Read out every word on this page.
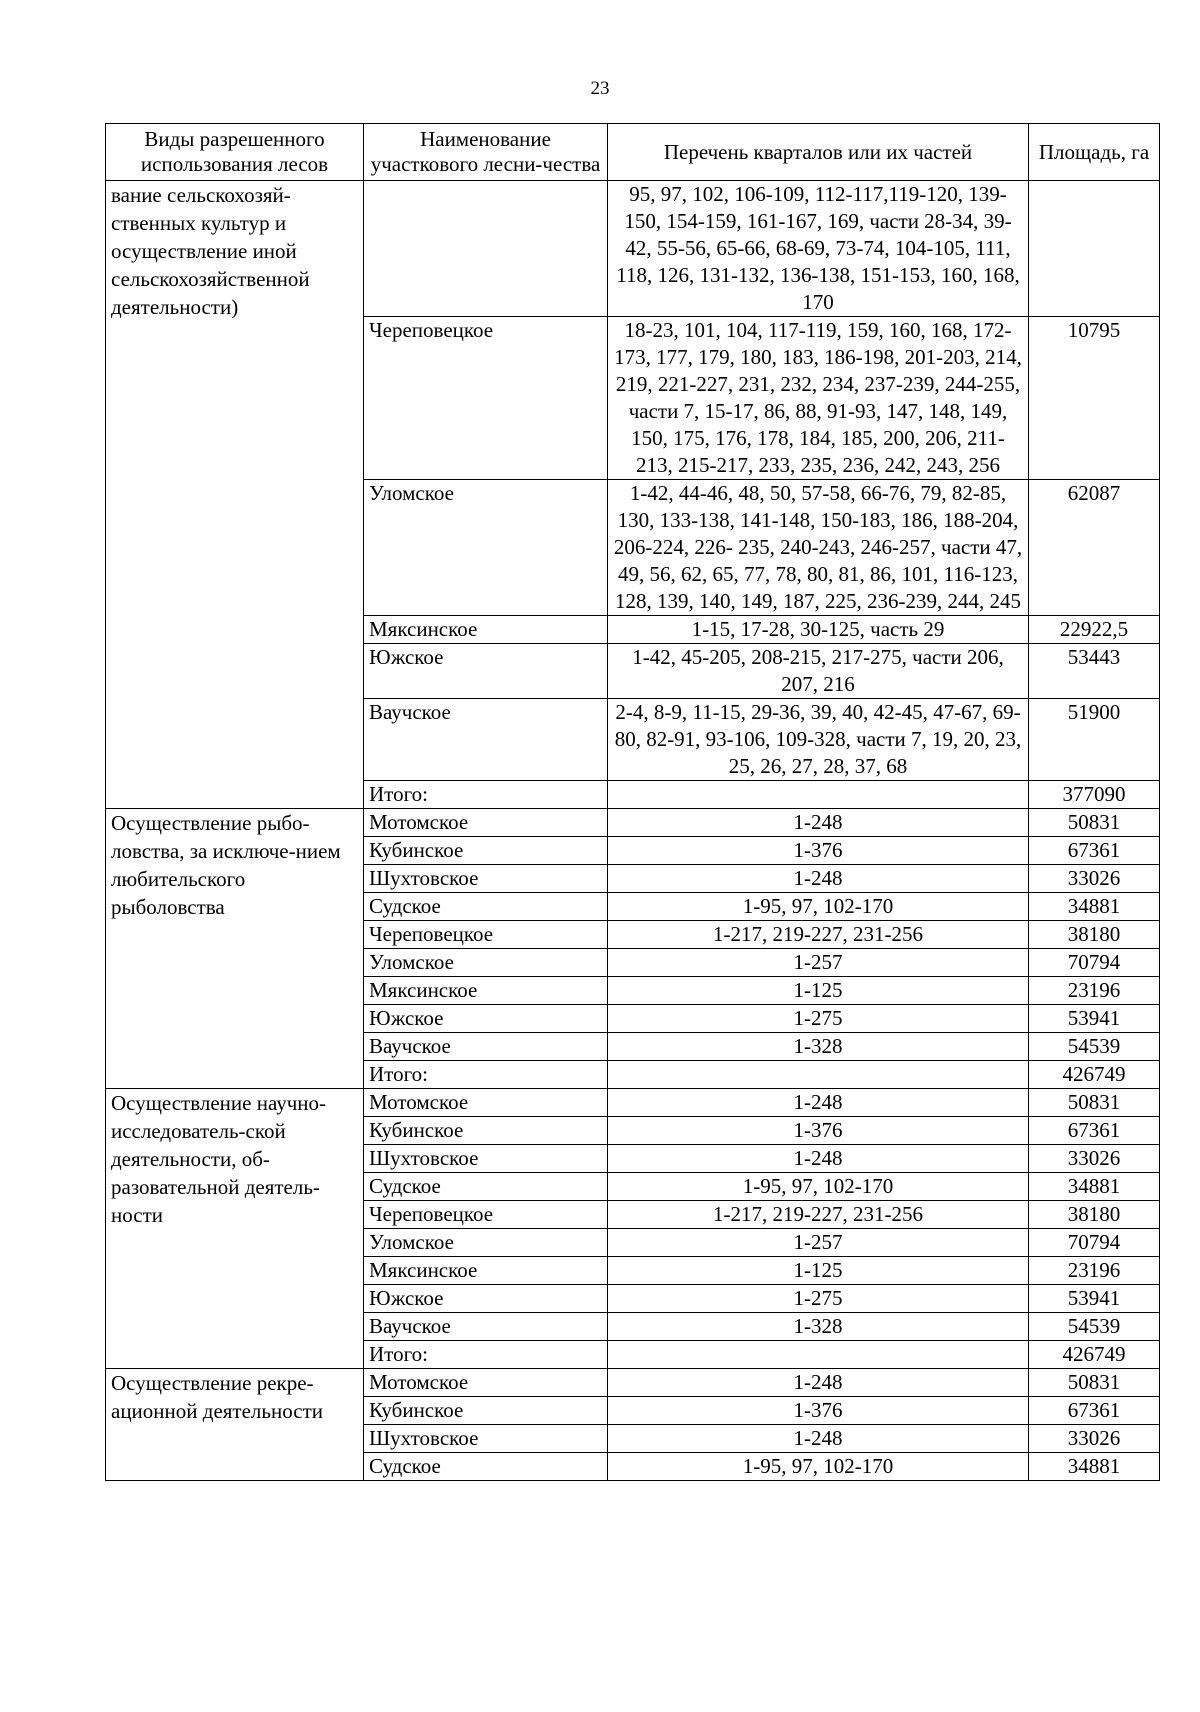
23
Виды разрешенного использования лесов	Наименование участкового лесни-чества	Перечень кварталов или их частей	Площадь, га
вание сельскохозяй-ственных культур и осуществление иной сельскохозяйственной деятельности)		95, 97, 102, 106-109, 112-117,119-120, 139-150, 154-159, 161-167, 169, части 28-34, 39-42, 55-56, 65-66, 68-69, 73-74, 104-105, 111, 118, 126, 131-132, 136-138, 151-153, 160, 168, 170	
	Череповецкое	18-23, 101, 104, 117-119, 159, 160, 168, 172-173, 177, 179, 180, 183, 186-198, 201-203, 214, 219, 221-227, 231, 232, 234, 237-239, 244-255, части 7, 15-17, 86, 88, 91-93, 147, 148, 149, 150, 175, 176, 178, 184, 185, 200, 206, 211-213, 215-217, 233, 235, 236, 242, 243, 256	10795
	Уломское	1-42, 44-46, 48, 50, 57-58, 66-76, 79, 82-85, 130, 133-138, 141-148, 150-183, 186, 188-204, 206-224, 226- 235, 240-243, 246-257, части 47, 49, 56, 62, 65, 77, 78, 80, 81, 86, 101, 116-123, 128, 139, 140, 149, 187, 225, 236-239, 244, 245	62087
	Мяксинское	1-15, 17-28, 30-125, часть 29	22922,5
	Южское	1-42, 45-205, 208-215, 217-275, части 206, 207, 216	53443
	Ваучское	2-4, 8-9, 11-15, 29-36, 39, 40, 42-45, 47-67, 69-80, 82-91, 93-106, 109-328, части 7, 19, 20, 23, 25, 26, 27, 28, 37, 68	51900
	Итого:		377090
Осуществление рыбо-ловства, за исключе-нием любительского рыболовства	Мотомское	1-248	50831
	Кубинское	1-376	67361
	Шухтовское	1-248	33026
	Судское	1-95, 97, 102-170	34881
	Череповецкое	1-217, 219-227, 231-256	38180
	Уломское	1-257	70794
	Мяксинское	1-125	23196
	Южское	1-275	53941
	Ваучское	1-328	54539
	Итого:		426749
Осуществление научно-исследователь-ской деятельности, об-разовательной деятель-ности	Мотомское	1-248	50831
	Кубинское	1-376	67361
	Шухтовское	1-248	33026
	Судское	1-95, 97, 102-170	34881
	Череповецкое	1-217, 219-227, 231-256	38180
	Уломское	1-257	70794
	Мяксинское	1-125	23196
	Южское	1-275	53941
	Ваучское	1-328	54539
	Итого:		426749
Осуществление рекре-ационной деятельности	Мотомское	1-248	50831
	Кубинское	1-376	67361
	Шухтовское	1-248	33026
	Судское	1-95, 97, 102-170	34881
